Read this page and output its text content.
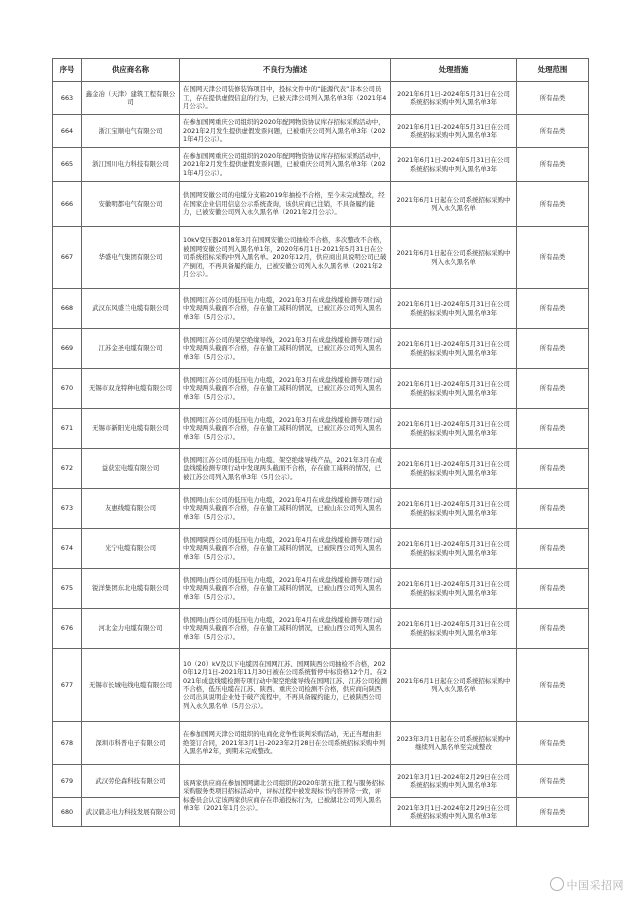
序号	供应商名称	不良行为描述	处理措施	处理范围
663	鑫金冶（天津）建筑工程有限公司	在国网天津公司装修装饰项目中，投标文件中的“能源代表”非本公司员工，存在提供虚假信息的行为，已被天津公司列入黑名单3年（2021年4月公示）。	2021年6月1日-2024年5月31日在公司系统招标采购中列入黑名单3年	所有品类
664	浙江宝顺电气有限公司	在参加国网重庆公司组织的2020年配网物资协议库存招标采购活动中，2021年2月发生提供虚假发票问题，已被重庆公司列入黑名单3年（2021年4月公示）。	2021年6月1日-2024年5月31日在公司系统招标采购中列入黑名单3年	所有品类
665	浙江国川电力科技有限公司	在参加国网重庆公司组织的2020年配网物资协议库存招标采购活动中，2021年2月发生提供虚假发票问题，已被重庆公司列入黑名单3年（2021年4月公示）。	2021年6月1日-2024年5月31日在公司系统招标采购中列入黑名单3年	所有品类
666	安徽明都电气有限公司	供国网安徽公司的电缆分支箱2019年抽检不合格，至今未完成整改，经在国家企业信用信息公示系统查询，该供应商已注销，不具备履约能力，已被安徽公司列入永久黑名单（2021年2月公示）。	2021年6月1日起在公司系统招标采购中列入永久黑名单	所有品类
667	华盛电气集团有限公司	10kV变压器2018年3月在国网安徽公司抽检不合格，多次整改不合格，被国网安徽公司列入黑名单1年，2020年6月1日-2021年5月31日在公司系统招标采购中列入黑名单。2020年12月，供应商出具说明公司已破产倒闭，不再具备履约能力，已被安徽公司列入永久黑名单（2021年2月公示）。	2021年6月1日起在公司系统招标采购中列入永久黑名单	所有品类
668	武汉东风盛兰电缆有限公司	供国网江苏公司的低压电力电缆，2021年3月在成盘线缆检测专项行动中发现两头截面不合格，存在偷工减料的情况，已被江苏公司列入黑名单3年（5月公示）。	2021年6月1日-2024年5月31日在公司系统招标采购中列入黑名单3年	所有品类
669	江苏金圣电缆有限公司	供国网江苏公司的架空绝缘导线，2021年3月在成盘线缆检测专项行动中发现两头截面不合格，存在偷工减料的情况，已被江苏公司列入黑名单3年（5月公示）。	2021年6月1日-2024年5月31日在公司系统招标采购中列入黑名单3年	所有品类
670	无锡市双龙特种电缆有限公司	供国网江苏公司的低压电力电缆，2021年3月在成盘线缆检测专项行动中发现两头截面不合格，存在偷工减料的情况，已被江苏公司列入黑名单3年（5月公示）。	2021年6月1日-2024年5月31日在公司系统招标采购中列入黑名单3年	所有品类
671	无锡市新阳光电缆有限公司	供国网江苏公司的低压电力电缆，2021年3月在成盘线缆检测专项行动中发现两头截面不合格，存在偷工减料的情况，已被江苏公司列入黑名单3年（5月公示）。	2021年6月1日-2024年5月31日在公司系统招标采购中列入黑名单3年	所有品类
672	益获宏电缆有限公司	供国网江苏公司的低压电力电缆、架空绝缘导线产品，2021年3月在成盘线缆检测专项行动中发现两头截面不合格，存在偷工减料的情况，已被江苏公司列入黑名单3年（5月公示）。	2021年6月1日-2024年5月31日在公司系统招标采购中列入黑名单3年	所有品类
673	友惠线缆有限公司	供国网山东公司的低压电力电缆，2021年4月在成盘线缆检测专项行动中发现两头截面不合格，存在偷工减料的情况，已被山东公司列入黑名单3年（5月公示）。	2021年6月1日-2024年5月31日在公司系统招标采购中列入黑名单3年	所有品类
674	光宁电缆有限公司	供国网陕西公司的低压电力电缆，2021年4月在成盘线缆检测专项行动中发现两头截面不合格，存在偷工减料的情况，已被陕西公司列入黑名单3年（5月公示）。	2021年6月1日-2024年5月31日在公司系统招标采购中列入黑名单3年	所有品类
675	锐洋集团东北电缆有限公司	供国网山西公司的低压电力电缆，2021年4月在成盘线缆检测专项行动中发现两头截面不合格，存在偷工减料的情况，已被山西公司列入黑名单3年（5月公示）。	2021年6月1日-2024年5月31日在公司系统招标采购中列入黑名单3年	所有品类
676	河北金力电缆有限公司	供国网山西公司的低压电力电缆，2021年4月在成盘线缆检测专项行动中发现两头截面不合格，存在偷工减料的情况，已被山西公司列入黑名单3年（5月公示）。	2021年6月1日-2024年5月31日在公司系统招标采购中列入黑名单3年	所有品类
677	无锡市长城电线电缆有限公司	10（20）kV及以下电缆因在国网江苏、国网陕西公司抽检不合格，2020年12月1日-2021年11月30日被在公司系统暂停中标资格12个月。在2021年成盘线缆检测专项行动中架空绝缘导线在国网江苏、江苏公司检测不合格，低压电缆在江苏、陕西、重庆公司检测不合格，供应商向陕西公司出具说明企业处于破产流程中，不再具备履约能力，已被陕西公司列入永久黑名单（5月公示）。	2021年6月1日起在公司系统招标采购中列入永久黑名单	所有品类
678	深圳市科普电子有限公司	在参加国网天津公司组织的电商化竞争性谈判采购活动，无正当理由拒绝签订合同，2021年3月1日-2023年2月28日在公司系统招标采购中列入黑名单2年，到期未完成整改。	2023年3月1日起在公司系统招标采购中继续列入黑名单至完成整改	所有品类
679	武汉劳伦森科技有限公司	该两家供应商在参加国网湖北公司组织的2020年第五批工程与服务招标采购服务类项目招标活动中，评标过程中被发现标书内容异常一致，评标委员会认定该两家供应商存在串通投标行为，已被湖北公司列入黑名单3年（2021年1月公示）。	2021年3月1日-2024年2月29日在公司系统招标采购中列入黑名单3年	所有品类
680	武汉毅志电力科技发展有限公司		2021年3月1日-2024年2月29日在公司系统招标采购中列入黑名单3年	所有品类
中国采招网
